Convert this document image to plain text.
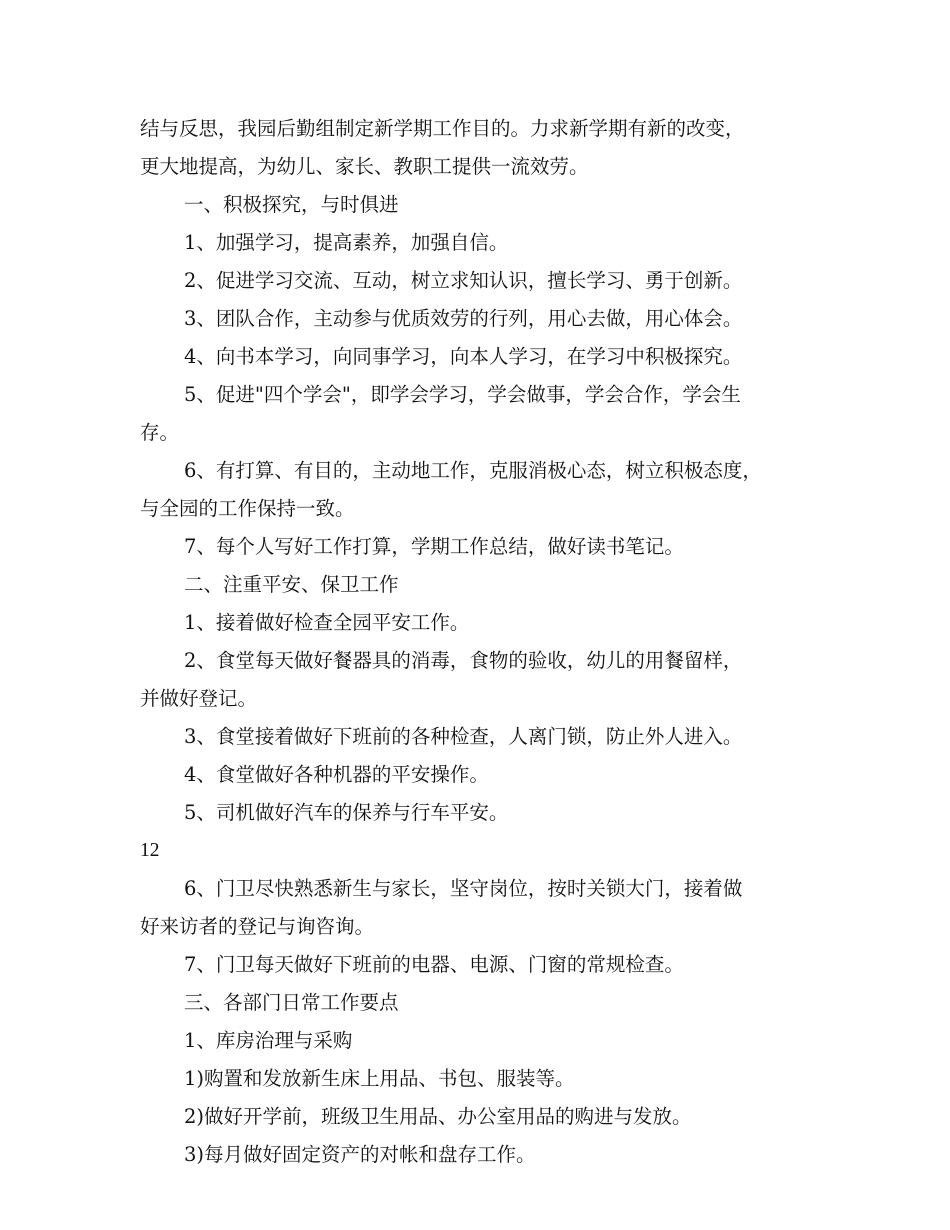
结与反思，我园后勤组制定新学期工作目的。力求新学期有新的改变，
更大地提高，为幼儿、家长、教职工提供一流效劳。
一、积极探究，与时俱进
1、加强学习，提高素养，加强自信。
2、促进学习交流、互动，树立求知认识，擅长学习、勇于创新。
3、团队合作，主动参与优质效劳的行列，用心去做，用心体会。
4、向书本学习，向同事学习，向本人学习，在学习中积极探究。
5、促进"四个学会"，即学会学习，学会做事，学会合作，学会生
存。
6、有打算、有目的，主动地工作，克服消极心态，树立积极态度，
与全园的工作保持一致。
7、每个人写好工作打算，学期工作总结，做好读书笔记。
二、注重平安、保卫工作
1、接着做好检查全园平安工作。
2、食堂每天做好餐器具的消毒，食物的验收，幼儿的用餐留样，
并做好登记。
3、食堂接着做好下班前的各种检查，人离门锁，防止外人进入。
4、食堂做好各种机器的平安操作。
5、司机做好汽车的保养与行车平安。
12
6、门卫尽快熟悉新生与家长，坚守岗位，按时关锁大门，接着做
好来访者的登记与询咨询。
7、门卫每天做好下班前的电器、电源、门窗的常规检查。
三、各部门日常工作要点
1、库房治理与采购
1)购置和发放新生床上用品、书包、服装等。
2)做好开学前，班级卫生用品、办公室用品的购进与发放。
3)每月做好固定资产的对帐和盘存工作。
